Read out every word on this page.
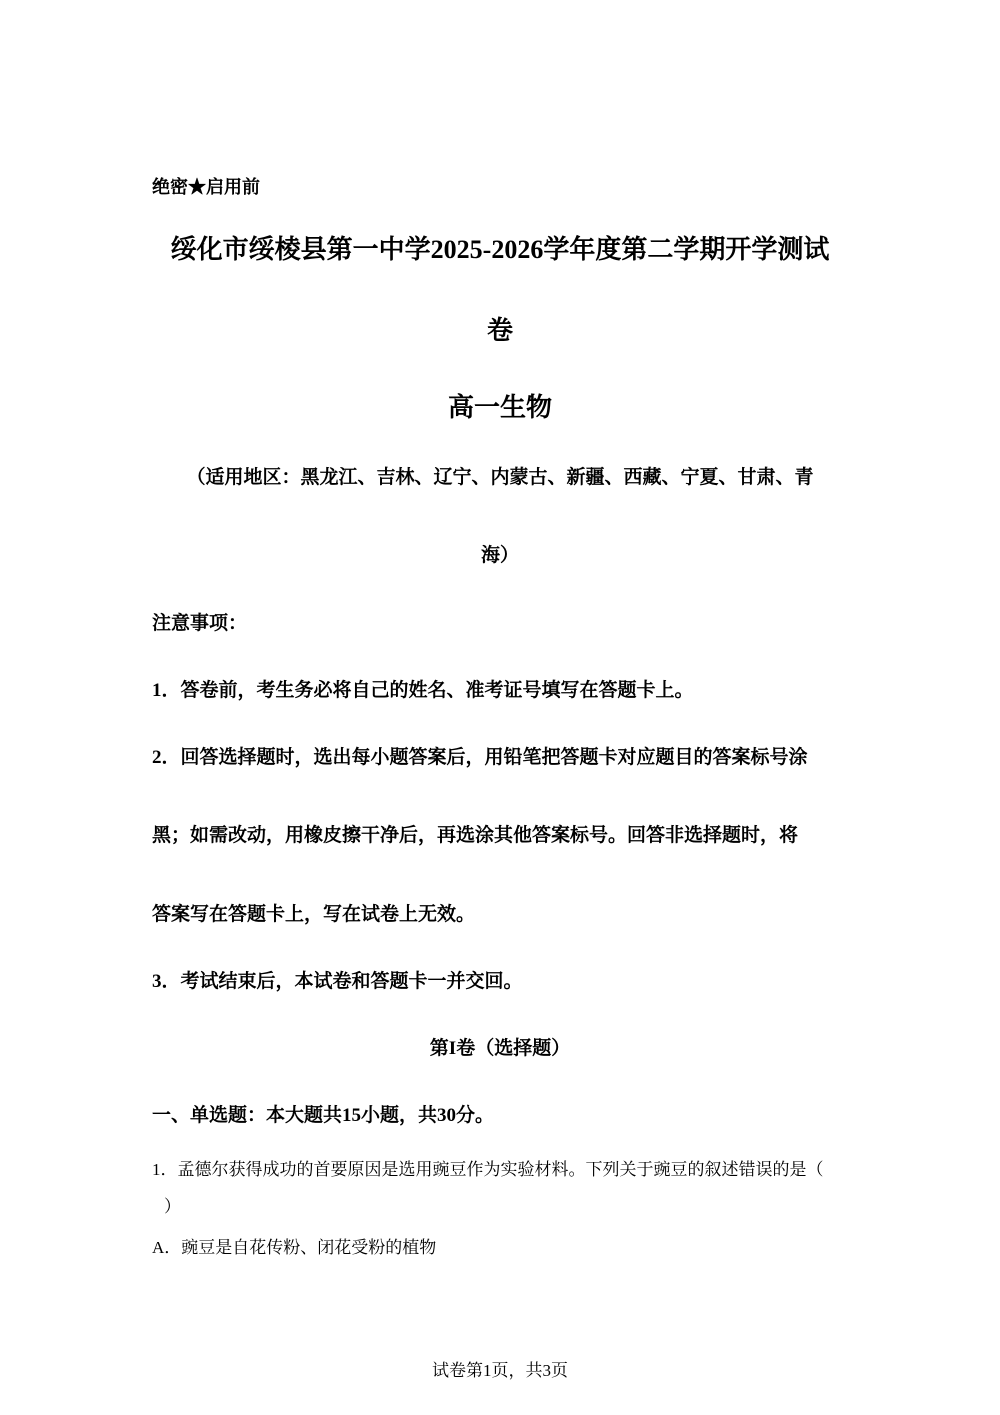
绝密★启用前
绥化市绥棱县第一中学2025-2026学年度第二学期开学测试
卷
高一生物
（适用地区：黑龙江、吉林、辽宁、内蒙古、新疆、西藏、宁夏、甘肃、青
海）
注意事项：
1．答卷前，考生务必将自己的姓名、准考证号填写在答题卡上。
2．回答选择题时，选出每小题答案后，用铅笔把答题卡对应题目的答案标号涂
黑；如需改动，用橡皮擦干净后，再选涂其他答案标号。回答非选择题时，将
答案写在答题卡上，写在试卷上无效。
3．考试结束后，本试卷和答题卡一并交回。
第I卷（选择题）
一、单选题：本大题共15小题，共30分。
1．孟德尔获得成功的首要原因是选用豌豆作为实验材料。下列关于豌豆的叙述错误的是（
）
A．豌豆是自花传粉、闭花受粉的植物
试卷第1页，共3页
